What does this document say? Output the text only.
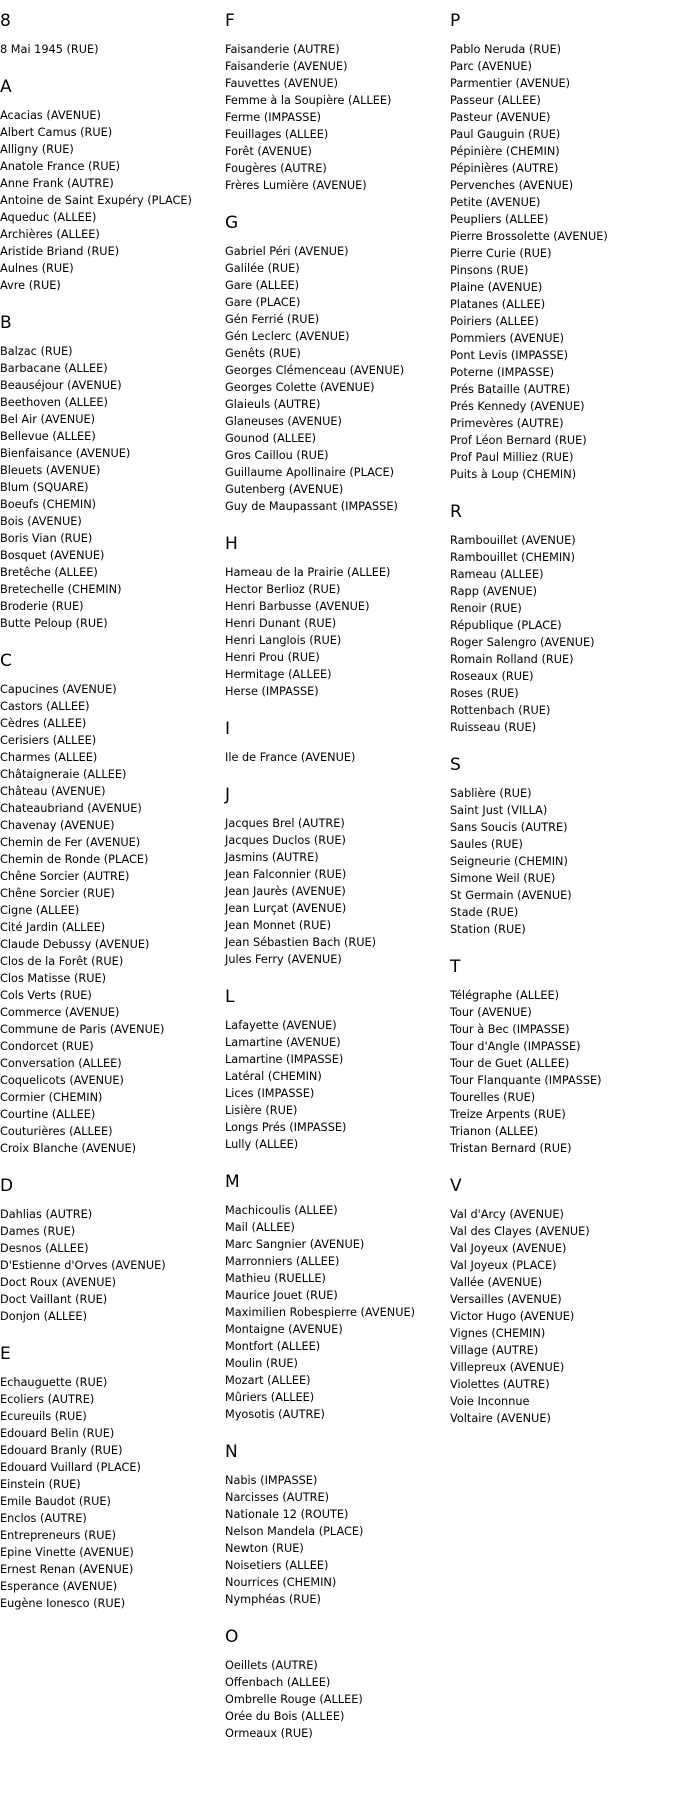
8
8 Mai 1945 (RUE)
A
Acacias (AVENUE)
Albert Camus (RUE)
Alligny (RUE)
Anatole France (RUE)
Anne Frank (AUTRE)
Antoine de Saint Exupéry (PLACE)
Aqueduc (ALLEE)
Archières (ALLEE)
Aristide Briand (RUE)
Aulnes (RUE)
Avre (RUE)
B
Balzac (RUE)
Barbacane (ALLEE)
Beauséjour (AVENUE)
Beethoven (ALLEE)
Bel Air (AVENUE)
Bellevue (ALLEE)
Bienfaisance (AVENUE)
Bleuets (AVENUE)
Blum (SQUARE)
Boeufs (CHEMIN)
Bois (AVENUE)
Boris Vian (RUE)
Bosquet (AVENUE)
Bretêche (ALLEE)
Bretechelle (CHEMIN)
Broderie (RUE)
Butte Peloup (RUE)
C
Capucines (AVENUE)
Castors (ALLEE)
Cèdres (ALLEE)
Cerisiers (ALLEE)
Charmes (ALLEE)
Châtaigneraie (ALLEE)
Château (AVENUE)
Chateaubriand (AVENUE)
Chavenay (AVENUE)
Chemin de Fer (AVENUE)
Chemin de Ronde (PLACE)
Chêne Sorcier (AUTRE)
Chêne Sorcier (RUE)
Cigne (ALLEE)
Cité Jardin (ALLEE)
Claude Debussy (AVENUE)
Clos de la Forêt (RUE)
Clos Matisse (RUE)
Cols Verts (RUE)
Commerce (AVENUE)
Commune de Paris (AVENUE)
Condorcet (RUE)
Conversation (ALLEE)
Coquelicots (AVENUE)
Cormier (CHEMIN)
Courtine (ALLEE)
Couturières (ALLEE)
Croix Blanche (AVENUE)
D
Dahlias (AUTRE)
Dames (RUE)
Desnos (ALLEE)
D'Estienne d'Orves (AVENUE)
Doct Roux (AVENUE)
Doct Vaillant (RUE)
Donjon (ALLEE)
E
Echauguette (RUE)
Ecoliers (AUTRE)
Ecureuils (RUE)
Edouard Belin (RUE)
Edouard Branly (RUE)
Edouard Vuillard (PLACE)
Einstein (RUE)
Emile Baudot (RUE)
Enclos (AUTRE)
Entrepreneurs (RUE)
Epine Vinette (AVENUE)
Ernest Renan (AVENUE)
Esperance (AVENUE)
Eugène Ionesco (RUE)
F
Faisanderie (AUTRE)
Faisanderie (AVENUE)
Fauvettes (AVENUE)
Femme à la Soupière (ALLEE)
Ferme (IMPASSE)
Feuillages (ALLEE)
Forêt (AVENUE)
Fougères (AUTRE)
Frères Lumière (AVENUE)
G
Gabriel Péri (AVENUE)
Galilée (RUE)
Gare (ALLEE)
Gare (PLACE)
Gén Ferrié (RUE)
Gén Leclerc (AVENUE)
Genêts (RUE)
Georges Clémenceau (AVENUE)
Georges Colette (AVENUE)
Glaieuls (AUTRE)
Glaneuses (AVENUE)
Gounod (ALLEE)
Gros Caillou (RUE)
Guillaume Apollinaire (PLACE)
Gutenberg (AVENUE)
Guy de Maupassant (IMPASSE)
H
Hameau de la Prairie (ALLEE)
Hector Berlioz (RUE)
Henri Barbusse (AVENUE)
Henri Dunant (RUE)
Henri Langlois (RUE)
Henri Prou (RUE)
Hermitage (ALLEE)
Herse (IMPASSE)
I
Ile de France (AVENUE)
J
Jacques Brel (AUTRE)
Jacques Duclos (RUE)
Jasmins (AUTRE)
Jean Falconnier (RUE)
Jean Jaurès (AVENUE)
Jean Lurçat (AVENUE)
Jean Monnet (RUE)
Jean Sébastien Bach (RUE)
Jules Ferry (AVENUE)
L
Lafayette (AVENUE)
Lamartine (AVENUE)
Lamartine (IMPASSE)
Latéral (CHEMIN)
Lices (IMPASSE)
Lisière (RUE)
Longs Prés (IMPASSE)
Lully (ALLEE)
M
Machicoulis (ALLEE)
Mail (ALLEE)
Marc Sangnier (AVENUE)
Marronniers (ALLEE)
Mathieu (RUELLE)
Maurice Jouet (RUE)
Maximilien Robespierre (AVENUE)
Montaigne (AVENUE)
Montfort (ALLEE)
Moulin (RUE)
Mozart (ALLEE)
Mûriers (ALLEE)
Myosotis (AUTRE)
N
Nabis (IMPASSE)
Narcisses (AUTRE)
Nationale 12 (ROUTE)
Nelson Mandela (PLACE)
Newton (RUE)
Noisetiers (ALLEE)
Nourrices (CHEMIN)
Nymphéas (RUE)
O
Oeillets (AUTRE)
Offenbach (ALLEE)
Ombrelle Rouge (ALLEE)
Orée du Bois (ALLEE)
Ormeaux (RUE)
P
Pablo Neruda (RUE)
Parc (AVENUE)
Parmentier (AVENUE)
Passeur (ALLEE)
Pasteur (AVENUE)
Paul Gauguin (RUE)
Pépinière (CHEMIN)
Pépinières (AUTRE)
Pervenches (AVENUE)
Petite (AVENUE)
Peupliers (ALLEE)
Pierre Brossolette (AVENUE)
Pierre Curie (RUE)
Pinsons (RUE)
Plaine (AVENUE)
Platanes (ALLEE)
Poiriers (ALLEE)
Pommiers (AVENUE)
Pont Levis (IMPASSE)
Poterne (IMPASSE)
Prés Bataille (AUTRE)
Prés Kennedy (AVENUE)
Primevères (AUTRE)
Prof Léon Bernard (RUE)
Prof Paul Milliez (RUE)
Puits à Loup (CHEMIN)
R
Rambouillet (AVENUE)
Rambouillet (CHEMIN)
Rameau (ALLEE)
Rapp (AVENUE)
Renoir (RUE)
République (PLACE)
Roger Salengro (AVENUE)
Romain Rolland (RUE)
Roseaux (RUE)
Roses (RUE)
Rottenbach (RUE)
Ruisseau (RUE)
S
Sablière (RUE)
Saint Just (VILLA)
Sans Soucis (AUTRE)
Saules (RUE)
Seigneurie (CHEMIN)
Simone Weil (RUE)
St Germain (AVENUE)
Stade (RUE)
Station (RUE)
T
Télégraphe (ALLEE)
Tour (AVENUE)
Tour à Bec (IMPASSE)
Tour d'Angle (IMPASSE)
Tour de Guet (ALLEE)
Tour Flanquante (IMPASSE)
Tourelles (RUE)
Treize Arpents (RUE)
Trianon (ALLEE)
Tristan Bernard (RUE)
V
Val d'Arcy (AVENUE)
Val des Clayes (AVENUE)
Val Joyeux (AVENUE)
Val Joyeux (PLACE)
Vallée (AVENUE)
Versailles (AVENUE)
Victor Hugo (AVENUE)
Vignes (CHEMIN)
Village (AUTRE)
Villepreux (AVENUE)
Violettes (AUTRE)
Voie Inconnue
Voltaire (AVENUE)
